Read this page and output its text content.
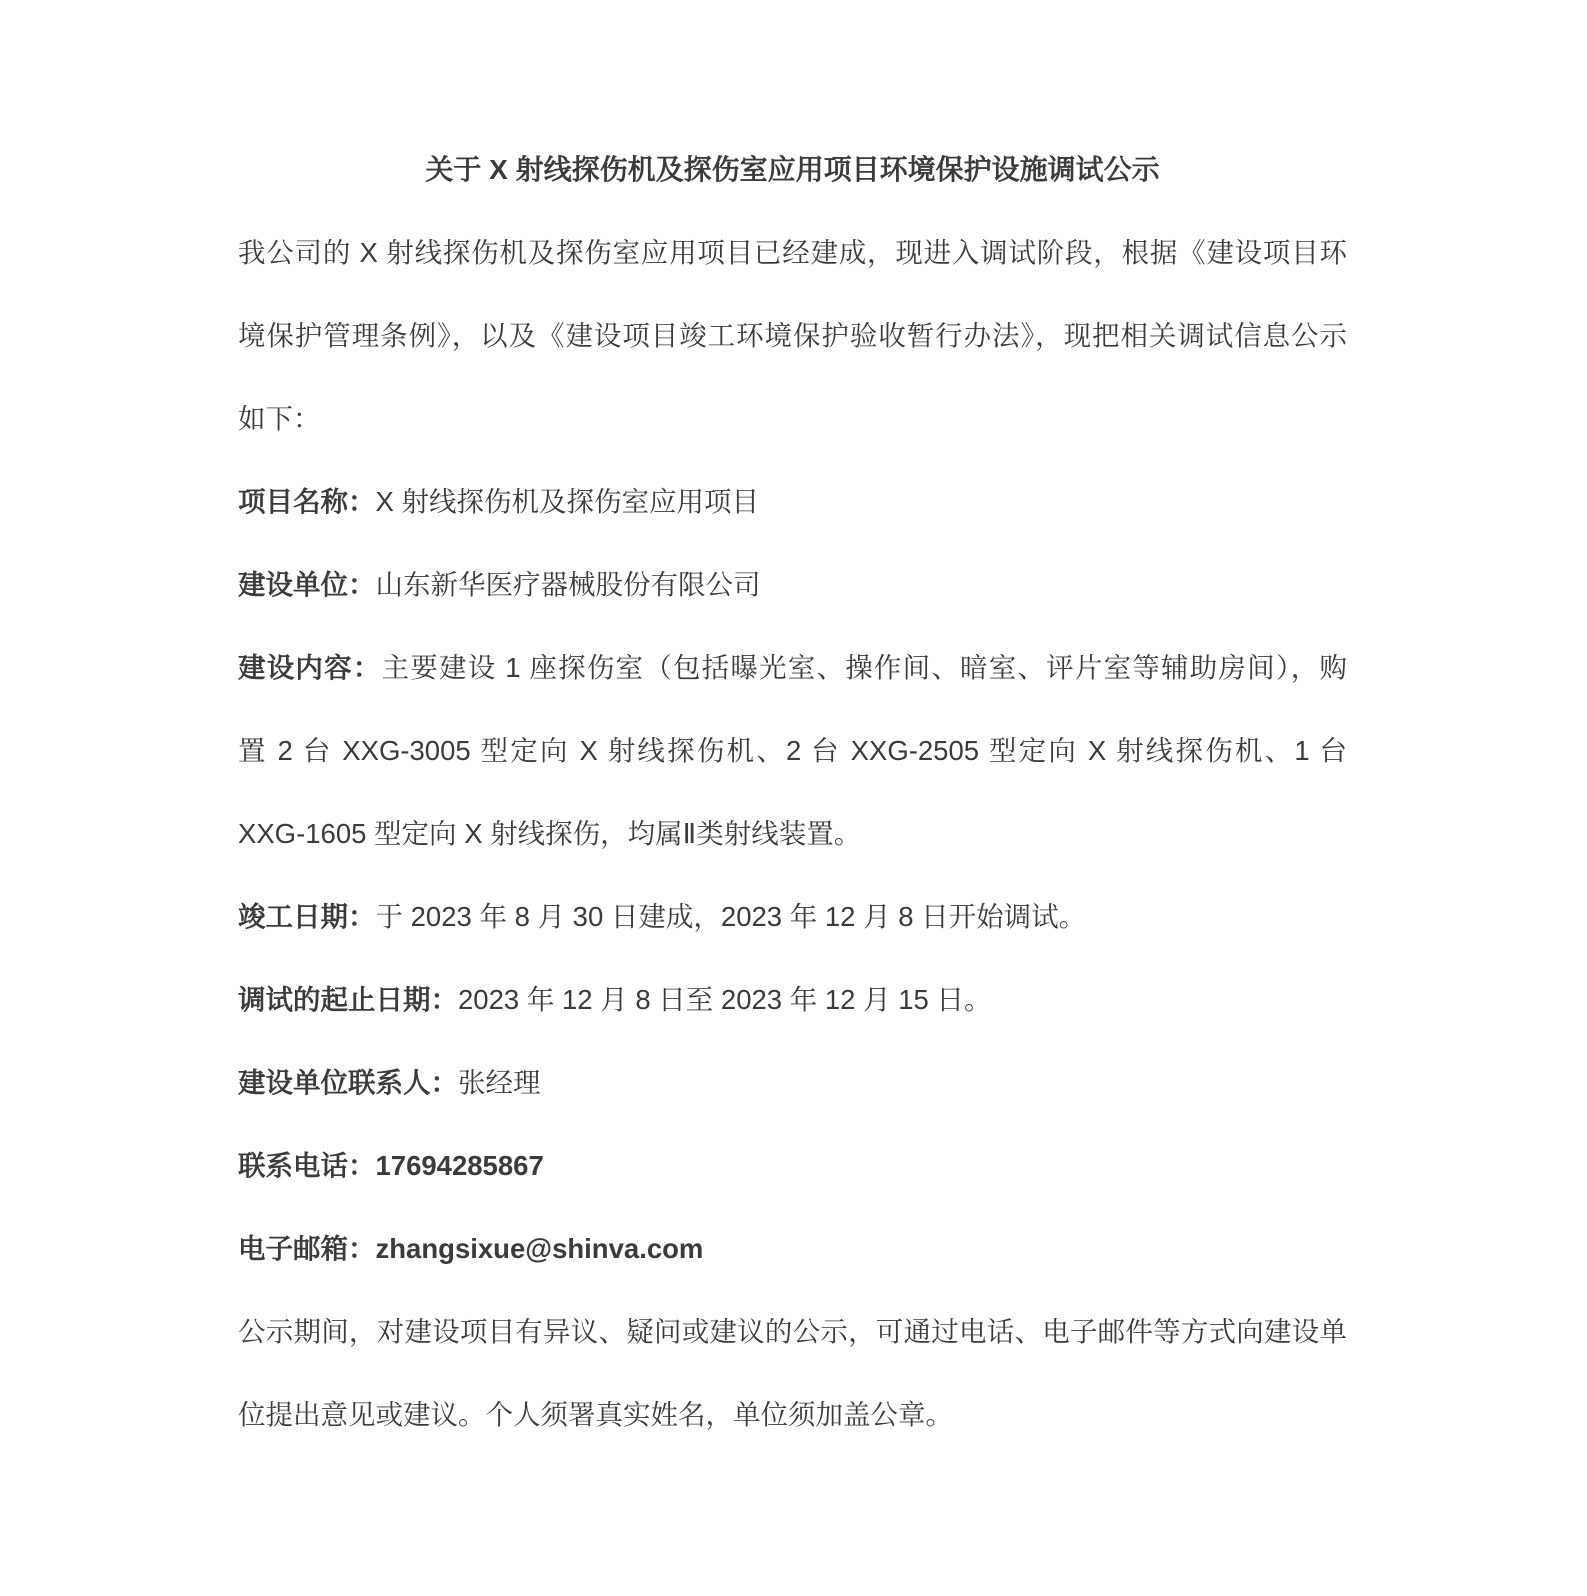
关于 X 射线探伤机及探伤室应用项目环境保护设施调试公示
我公司的 X 射线探伤机及探伤室应用项目已经建成，现进入调试阶段，根据《建设项目环
境保护管理条例》，以及《建设项目竣工环境保护验收暂行办法》，现把相关调试信息公示
如下：
项目名称：X 射线探伤机及探伤室应用项目
建设单位：山东新华医疗器械股份有限公司
建设内容：主要建设 1 座探伤室（包括曝光室、操作间、暗室、评片室等辅助房间），购
置 2 台 XXG-3005 型定向 X 射线探伤机、2 台 XXG-2505 型定向 X 射线探伤机、1 台
XXG-1605 型定向 X 射线探伤，均属Ⅱ类射线装置。
竣工日期：于 2023 年 8 月 30 日建成，2023 年 12 月 8 日开始调试。
调试的起止日期：2023 年 12 月 8 日至 2023 年 12 月 15 日。
建设单位联系人：张经理
联系电话：17694285867
电子邮箱：zhangsixue@shinva.com
公示期间，对建设项目有异议、疑问或建议的公示，可通过电话、电子邮件等方式向建设单
位提出意见或建议。个人须署真实姓名，单位须加盖公章。
